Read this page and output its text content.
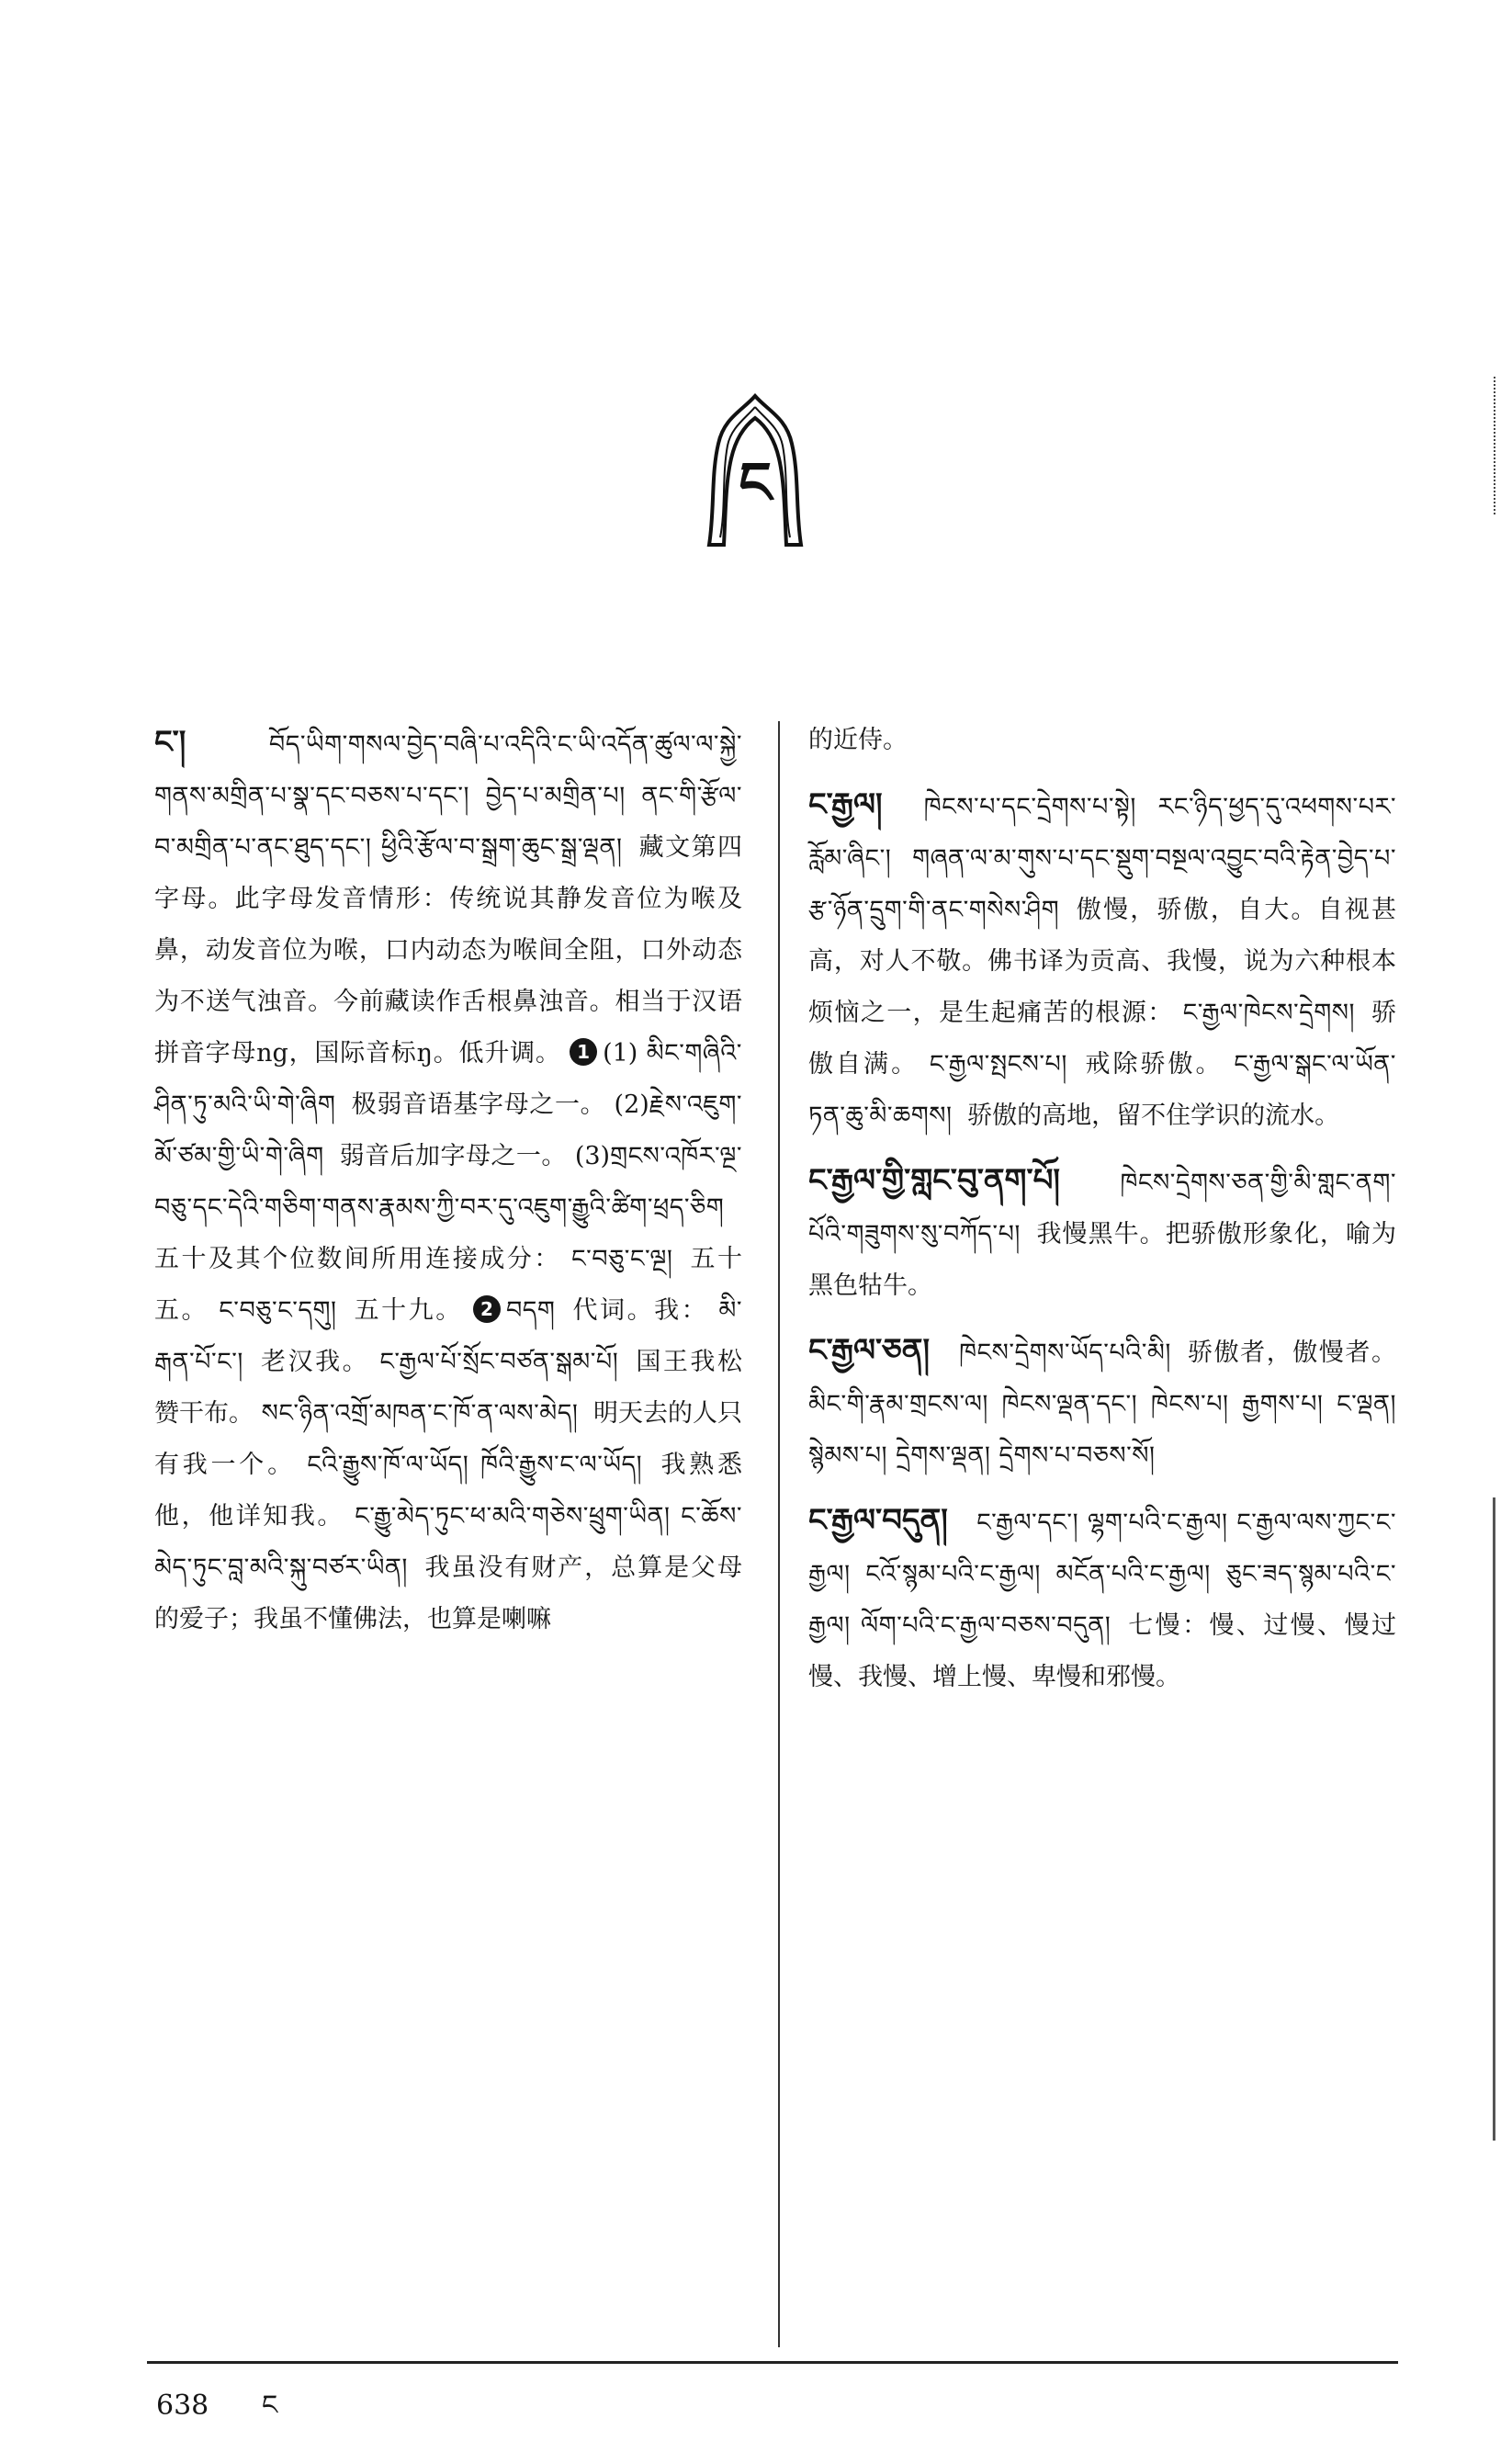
ང

ང་།	བོད་ཡིག་གསལ་བྱེད་བཞི་པ་འདིའི་ང་ཡི་འདོན་ཚུལ་ལ་སྐྱེ་གནས་མགྲིན་པ་སྣ་དང་བཅས་པ་དང་། བྱེད་པ་མགྲིན་པ། ནང་གི་རྩོལ་བ་མགྲིན་པ་ནང་ཐུད་དང་། ཕྱིའི་རྩོལ་བ་སྒྲག་ཆུང་སྒྲ་ལྡན། 藏文第四字母。此字母发音情形：传统说其静发音位为喉及鼻，动发音位为喉，口内动态为喉间全阻，口外动态为不送气浊音。今前藏读作舌根鼻浊音。相当于汉语拼音字母ng，国际音标ŋ。低升调。 1 (1) མིང་གཞིའི་ཤིན་ཏུ་མའི་ཡི་གེ་ཞིག 极弱音语基字母之一。 (2)རྗེས་འཇུག་མོ་ཙམ་གྱི་ཡི་གེ་ཞིག 弱音后加字母之一。 (3)གྲངས་འཁོར་ལྔ་བཅུ་དང་དེའི་གཅིག་གནས་རྣམས་ཀྱི་བར་དུ་འཇུག་རྒྱུའི་ཚིག་ཕྲད་ཅིག 五十及其个位数间所用连接成分： ང་བཅུ་ང་ལྔ། 五十五。 ང་བཅུ་ང་དགུ། 五十九。 2 བདག 代词。我： མི་རྒན་པོ་ང་། 老汉我。 ང་རྒྱལ་པོ་སྲོང་བཙན་སྒམ་པོ། 国王我松赞干布。 སང་ཉིན་འགྲོ་མཁན་ང་ཁོ་ན་ལས་མེད། 明天去的人只有我一个。 ངའི་རྒྱུས་ཁོ་ལ་ཡོད། ཁོའི་རྒྱུས་ང་ལ་ཡོད། 我熟悉他，他详知我。 ང་རྒྱུ་མེད་ཏུང་ཕ་མའི་གཅེས་ཕྲུག་ཡིན། ང་ཆོས་མེད་ཏུང་བླ་མའི་སྐུ་བཙར་ཡིན། 我虽没有财产，总算是父母的爱子；我虽不懂佛法，也算是喇嘛

的近侍。

ང་རྒྱལ། ཁེངས་པ་དང་དྲེགས་པ་སྟེ། རང་ཉིད་ཕྱད་དུ་འཕགས་པར་རློམ་ཞིང་། གཞན་ལ་མ་གུས་པ་དང་སྡུག་བསྔལ་འབྱུང་བའི་རྟེན་བྱེད་པ་རྩ་ཉོན་དྲུག་གི་ནང་གསེས་ཤིག 傲慢，骄傲，自大。自视甚高，对人不敬。佛书译为贡高、我慢，说为六种根本烦恼之一，是生起痛苦的根源： ང་རྒྱལ་ཁེངས་དྲེགས། 骄傲自满。 ང་རྒྱལ་སྤངས་པ། 戒除骄傲。 ང་རྒྱལ་སྒང་ལ་ཡོན་ཏན་ཆུ་མི་ཆགས། 骄傲的高地，留不住学识的流水。

ང་རྒྱལ་གྱི་གླང་བུ་ནག་པོ། ཁེངས་དྲེགས་ཅན་གྱི་མི་གླང་ནག་པོའི་གཟུགས་སུ་བཀོད་པ། 我慢黑牛。把骄傲形象化，喻为黑色牯牛。

ང་རྒྱལ་ཅན། ཁེངས་དྲེགས་ཡོད་པའི་མི། 骄傲者，傲慢者。 མིང་གི་རྣམ་གྲངས་ལ། ཁེངས་ལྡན་དང་། ཁེངས་པ། རྒྱགས་པ། ང་ལྡན། སྙེམས་པ། དྲེགས་ལྡན། དྲེགས་པ་བཅས་སོ།

ང་རྒྱལ་བདུན། ང་རྒྱལ་དང་། ལྷག་པའི་ང་རྒྱལ། ང་རྒྱལ་ལས་ཀྱང་ང་རྒྱལ། ངའོ་སྙམ་པའི་ང་རྒྱལ། མངོན་པའི་ང་རྒྱལ། ཅུང་ཟད་སྙམ་པའི་ང་རྒྱལ། ལོག་པའི་ང་རྒྱལ་བཅས་བདུན། 七慢：慢、过慢、慢过慢、我慢、增上慢、卑慢和邪慢。

638 ང
